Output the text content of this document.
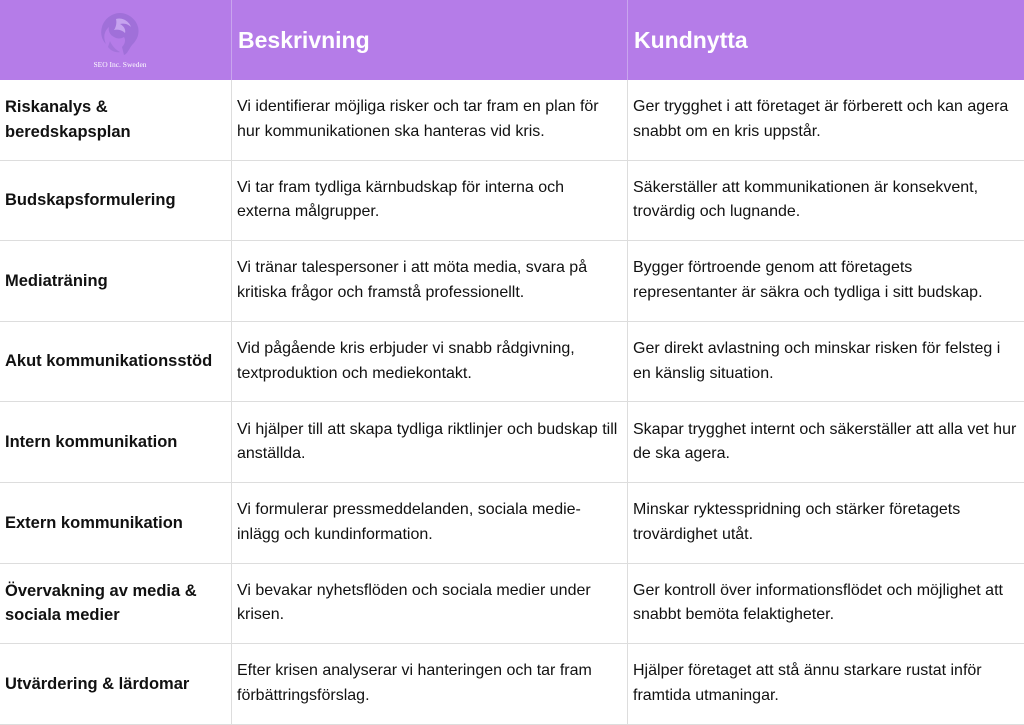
SEO Inc. Sweden
Beskrivning	Kundnytta
Riskanalys & beredskapsplan
Vi identifierar möjliga risker och tar fram en plan för hur kommunikationen ska hanteras vid kris.
Ger trygghet i att företaget är förberett och kan agera snabbt om en kris uppstår.
Budskapsformulering
Vi tar fram tydliga kärnbudskap för interna och externa målgrupper.
Säkerställer att kommunikationen är konsekvent, trovärdig och lugnande.
Mediaträning
Vi tränar talespersoner i att möta media, svara på kritiska frågor och framstå professionellt.
Bygger förtroende genom att företagets representanter är säkra och tydliga i sitt budskap.
Akut kommunikationsstöd
Vid pågående kris erbjuder vi snabb rådgivning, textproduktion och mediekontakt.
Ger direkt avlastning och minskar risken för felsteg i en känslig situation.
Intern kommunikation
Vi hjälper till att skapa tydliga riktlinjer och budskap till anställda.
Skapar trygghet internt och säkerställer att alla vet hur de ska agera.
Extern kommunikation
Vi formulerar pressmeddelanden, sociala medie-inlägg och kundinformation.
Minskar ryktesspridning och stärker företagets trovärdighet utåt.
Övervakning av media & sociala medier
Vi bevakar nyhetsflöden och sociala medier under krisen.
Ger kontroll över informationsflödet och möjlighet att snabbt bemöta felaktigheter.
Utvärdering & lärdomar
Efter krisen analyserar vi hanteringen och tar fram förbättringsförslag.
Hjälper företaget att stå ännu starkare rustat inför framtida utmaningar.
